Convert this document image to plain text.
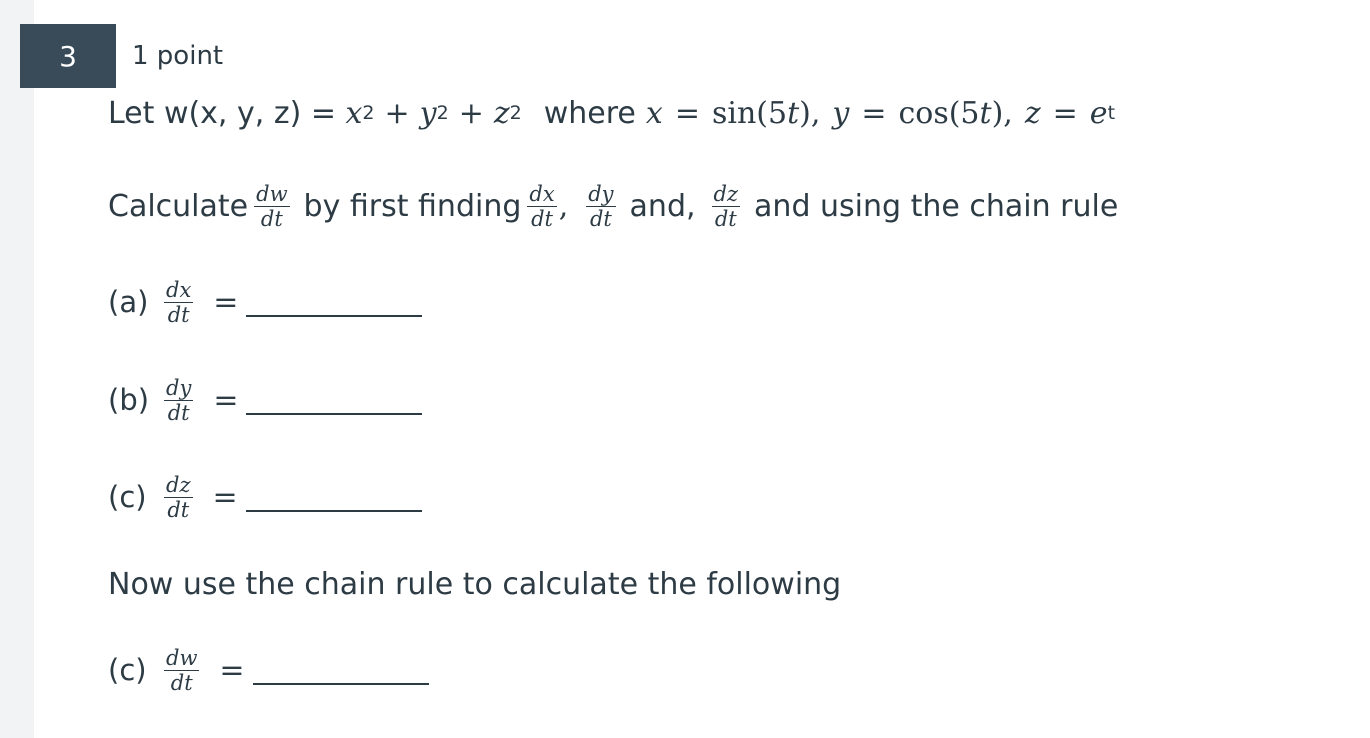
3 1 point
Let w(x, y, z) = x 2 + y 2 + z 2 where x = sin(5 t ), y = cos(5 t ), z = e t
Calculate $\frac{dw}{dt}$ by first finding $\frac{dx}{dt}$ , $\frac{dy}{dt}$ and, $\frac{dz}{dt}$ and using the chain rule
$(a) \frac{dx}{dt}$ =
$(b) \frac{dy}{dt}$ =
$(c) \frac{dz}{dt}$ =
Now use the chain rule to calculate the following
$(c) \frac{dw}{dt}$ =
